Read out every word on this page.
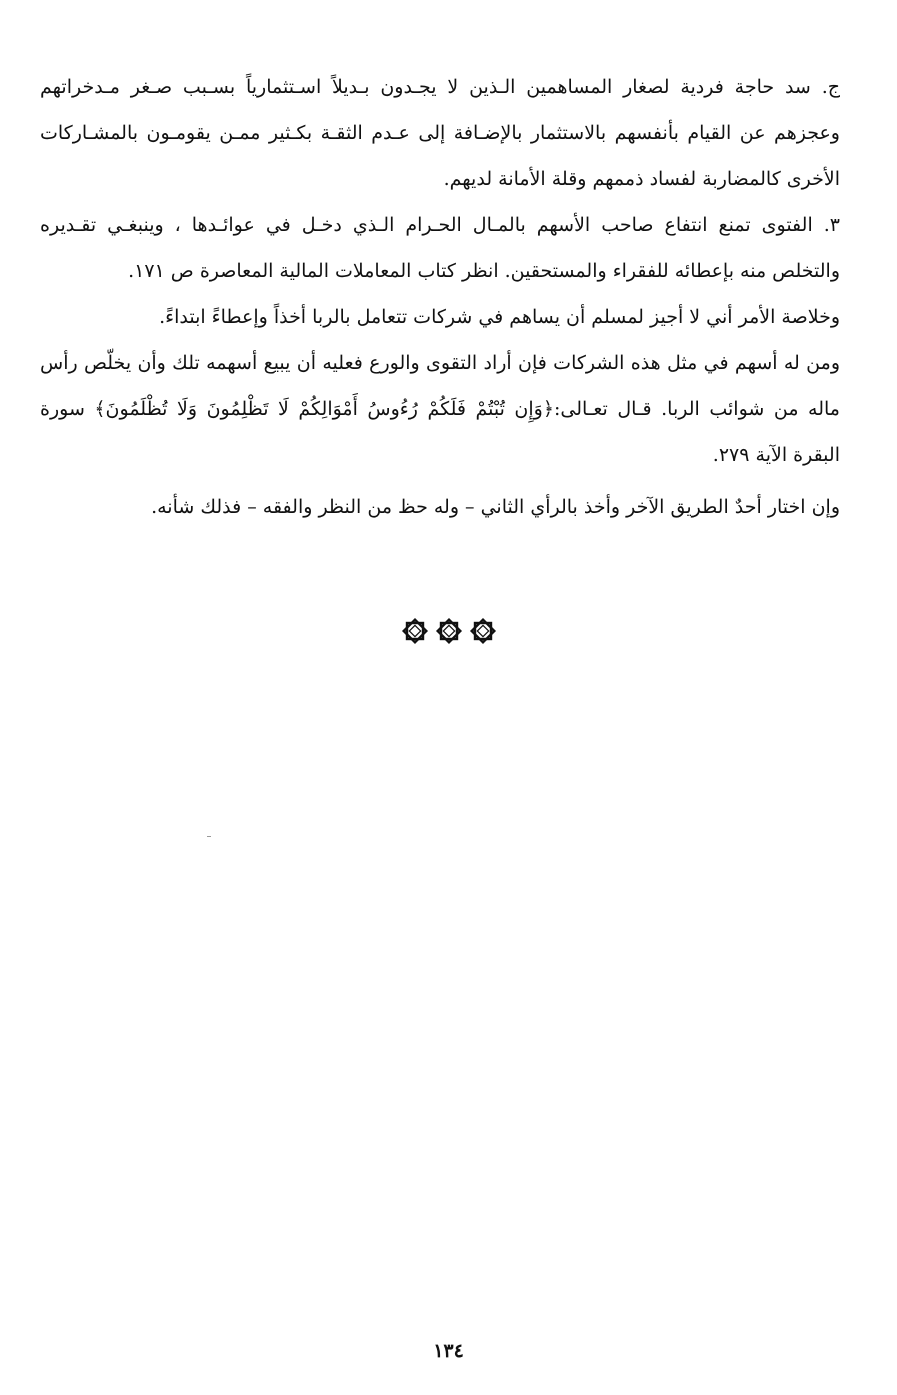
ج. سد حاجة فردية لصغار المساهمين الـذين لا يجـدون بـديلاً اسـتثمارياً بسـبب صـغر مـدخراتهم وعجزهم عن القيام بأنفسهم بالاستثمار بالإضـافة إلى عـدم الثقـة بكـثير ممـن يقومـون بالمشـاركات الأخرى كالمضاربة لفساد ذممهم وقلة الأمانة لديهم.

٣. الفتوى تمنع انتفاع صاحب الأسهم بالمـال الحـرام الـذي دخـل في عوائـدها ، وينبغـي تقـديره والتخلص منه بإعطائه للفقراء والمستحقين. انظر كتاب المعاملات المالية المعاصرة ص ١٧١.

وخلاصة الأمر أني لا أجيز لمسلم أن يساهم في شركات تتعامل بالربا أخذاً وإعطاءً ابتداءً.

ومن له أسهم في مثل هذه الشركات فإن أراد التقوى والورع فعليه أن يبيع أسهمه تلك وأن يخلّص رأس ماله من شوائب الربا. قـال تعـالى:﴿وَإِن تُبْتُمْ فَلَكُمْ رُءُوسُ أَمْوَالِكُمْ لَا تَظْلِمُونَ وَلَا تُظْلَمُونَ﴾ سورة البقرة الآية ٢٧٩.

وإن اختار أحدٌ الطريق الآخر وأخذ بالرأي الثاني – وله حظ من النظر والفقه – فذلك شأنه.

١٣٤
